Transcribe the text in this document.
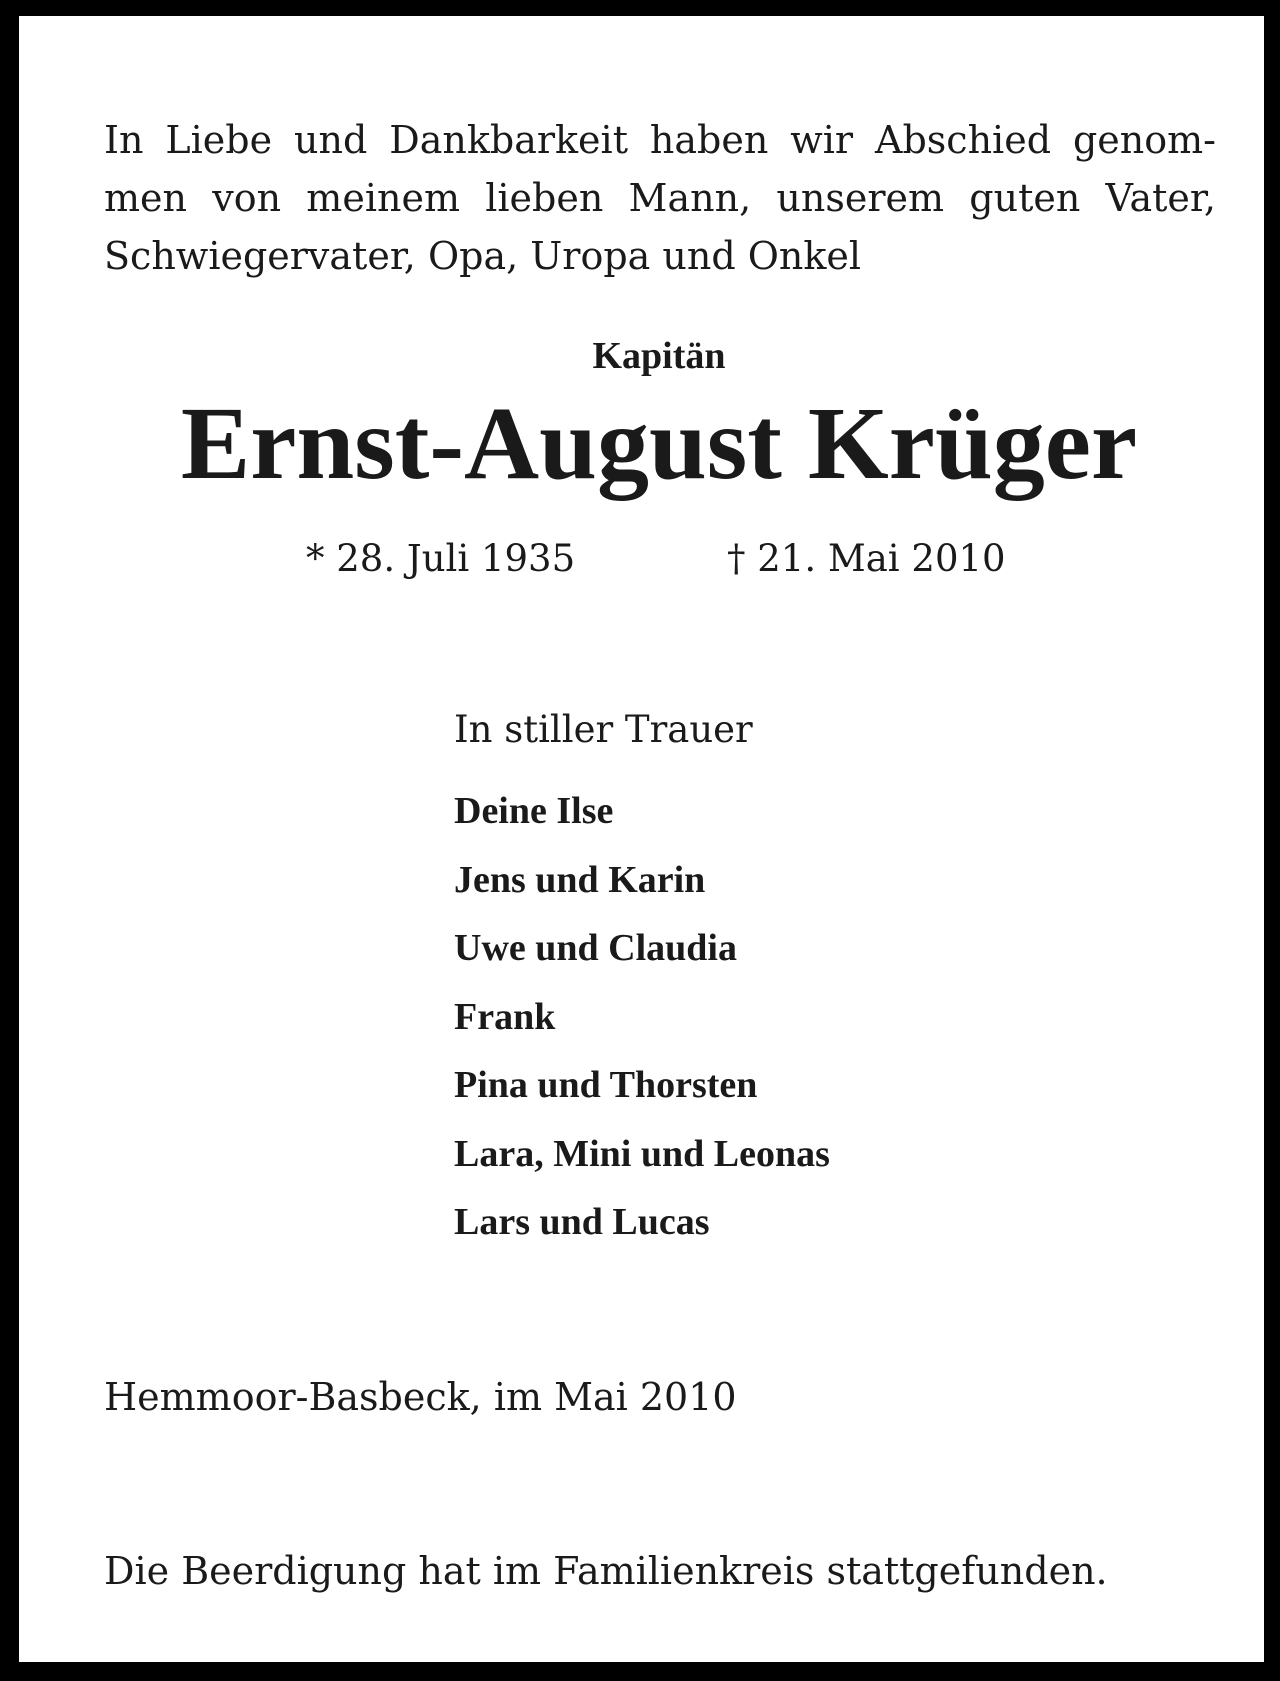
In Liebe und Dankbarkeit haben wir Abschied genom-
men von meinem lieben Mann, unserem guten Vater,
Schwiegervater, Opa, Uropa und Onkel

Kapitän
Ernst-August Krüger
* 28. Juli 1935	† 21. Mai 2010

In stiller Trauer

Deine Ilse
Jens und Karin
Uwe und Claudia
Frank
Pina und Thorsten
Lara, Mini und Leonas
Lars und Lucas

Hemmoor-Basbeck, im Mai 2010

Die Beerdigung hat im Familienkreis stattgefunden.
